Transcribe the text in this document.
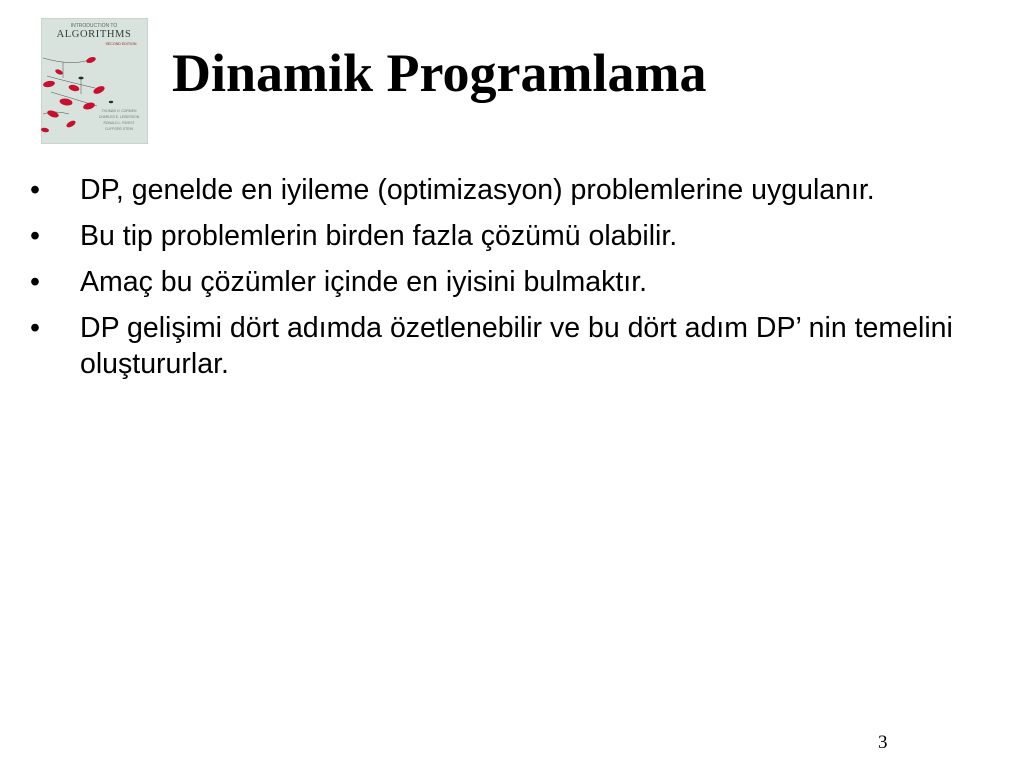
INTRODUCTION TO
ALGORITHMS
SECOND EDITION
THOMAS H. CORMEN
CHARLES E. LEISERSON
RONALD L. RIVEST
CLIFFORD STEIN
Dinamik Programlama
• DP, genelde en iyileme (optimizasyon) problemlerine uygulanır.
• Bu tip problemlerin birden fazla çözümü olabilir.
• Amaç bu çözümler içinde en iyisini bulmaktır.
• DP gelişimi dört adımda özetlenebilir ve bu dört adım DP’ nin temelini oluştururlar.
3
